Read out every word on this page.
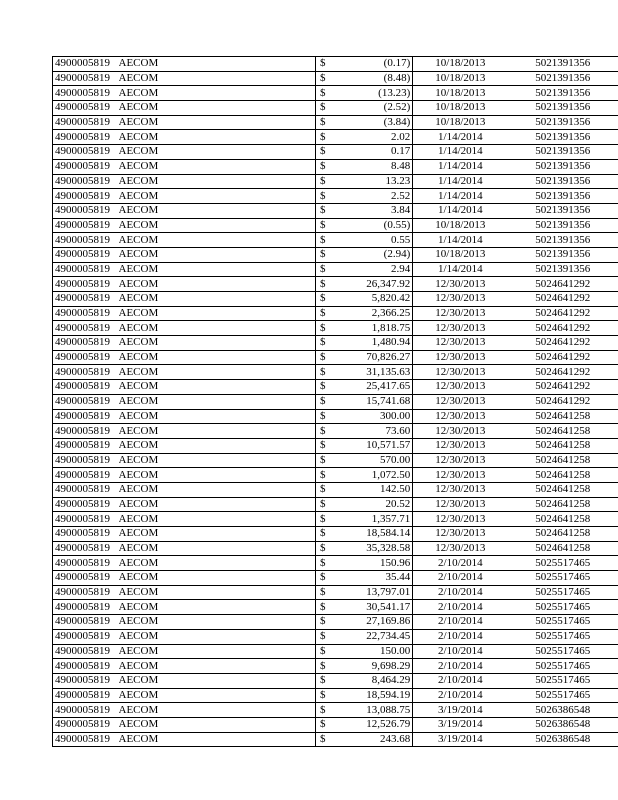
4900005819	AECOM	$	(0.17)	10/18/2013	5021391356
4900005819	AECOM	$	(8.48)	10/18/2013	5021391356
4900005819	AECOM	$	(13.23)	10/18/2013	5021391356
4900005819	AECOM	$	(2.52)	10/18/2013	5021391356
4900005819	AECOM	$	(3.84)	10/18/2013	5021391356
4900005819	AECOM	$	2.02	1/14/2014	5021391356
4900005819	AECOM	$	0.17	1/14/2014	5021391356
4900005819	AECOM	$	8.48	1/14/2014	5021391356
4900005819	AECOM	$	13.23	1/14/2014	5021391356
4900005819	AECOM	$	2.52	1/14/2014	5021391356
4900005819	AECOM	$	3.84	1/14/2014	5021391356
4900005819	AECOM	$	(0.55)	10/18/2013	5021391356
4900005819	AECOM	$	0.55	1/14/2014	5021391356
4900005819	AECOM	$	(2.94)	10/18/2013	5021391356
4900005819	AECOM	$	2.94	1/14/2014	5021391356
4900005819	AECOM	$	26,347.92	12/30/2013	5024641292
4900005819	AECOM	$	5,820.42	12/30/2013	5024641292
4900005819	AECOM	$	2,366.25	12/30/2013	5024641292
4900005819	AECOM	$	1,818.75	12/30/2013	5024641292
4900005819	AECOM	$	1,480.94	12/30/2013	5024641292
4900005819	AECOM	$	70,826.27	12/30/2013	5024641292
4900005819	AECOM	$	31,135.63	12/30/2013	5024641292
4900005819	AECOM	$	25,417.65	12/30/2013	5024641292
4900005819	AECOM	$	15,741.68	12/30/2013	5024641292
4900005819	AECOM	$	300.00	12/30/2013	5024641258
4900005819	AECOM	$	73.60	12/30/2013	5024641258
4900005819	AECOM	$	10,571.57	12/30/2013	5024641258
4900005819	AECOM	$	570.00	12/30/2013	5024641258
4900005819	AECOM	$	1,072.50	12/30/2013	5024641258
4900005819	AECOM	$	142.50	12/30/2013	5024641258
4900005819	AECOM	$	20.52	12/30/2013	5024641258
4900005819	AECOM	$	1,357.71	12/30/2013	5024641258
4900005819	AECOM	$	18,584.14	12/30/2013	5024641258
4900005819	AECOM	$	35,328.58	12/30/2013	5024641258
4900005819	AECOM	$	150.96	2/10/2014	5025517465
4900005819	AECOM	$	35.44	2/10/2014	5025517465
4900005819	AECOM	$	13,797.01	2/10/2014	5025517465
4900005819	AECOM	$	30,541.17	2/10/2014	5025517465
4900005819	AECOM	$	27,169.86	2/10/2014	5025517465
4900005819	AECOM	$	22,734.45	2/10/2014	5025517465
4900005819	AECOM	$	150.00	2/10/2014	5025517465
4900005819	AECOM	$	9,698.29	2/10/2014	5025517465
4900005819	AECOM	$	8,464.29	2/10/2014	5025517465
4900005819	AECOM	$	18,594.19	2/10/2014	5025517465
4900005819	AECOM	$	13,088.75	3/19/2014	5026386548
4900005819	AECOM	$	12,526.79	3/19/2014	5026386548
4900005819	AECOM	$	243.68	3/19/2014	5026386548
